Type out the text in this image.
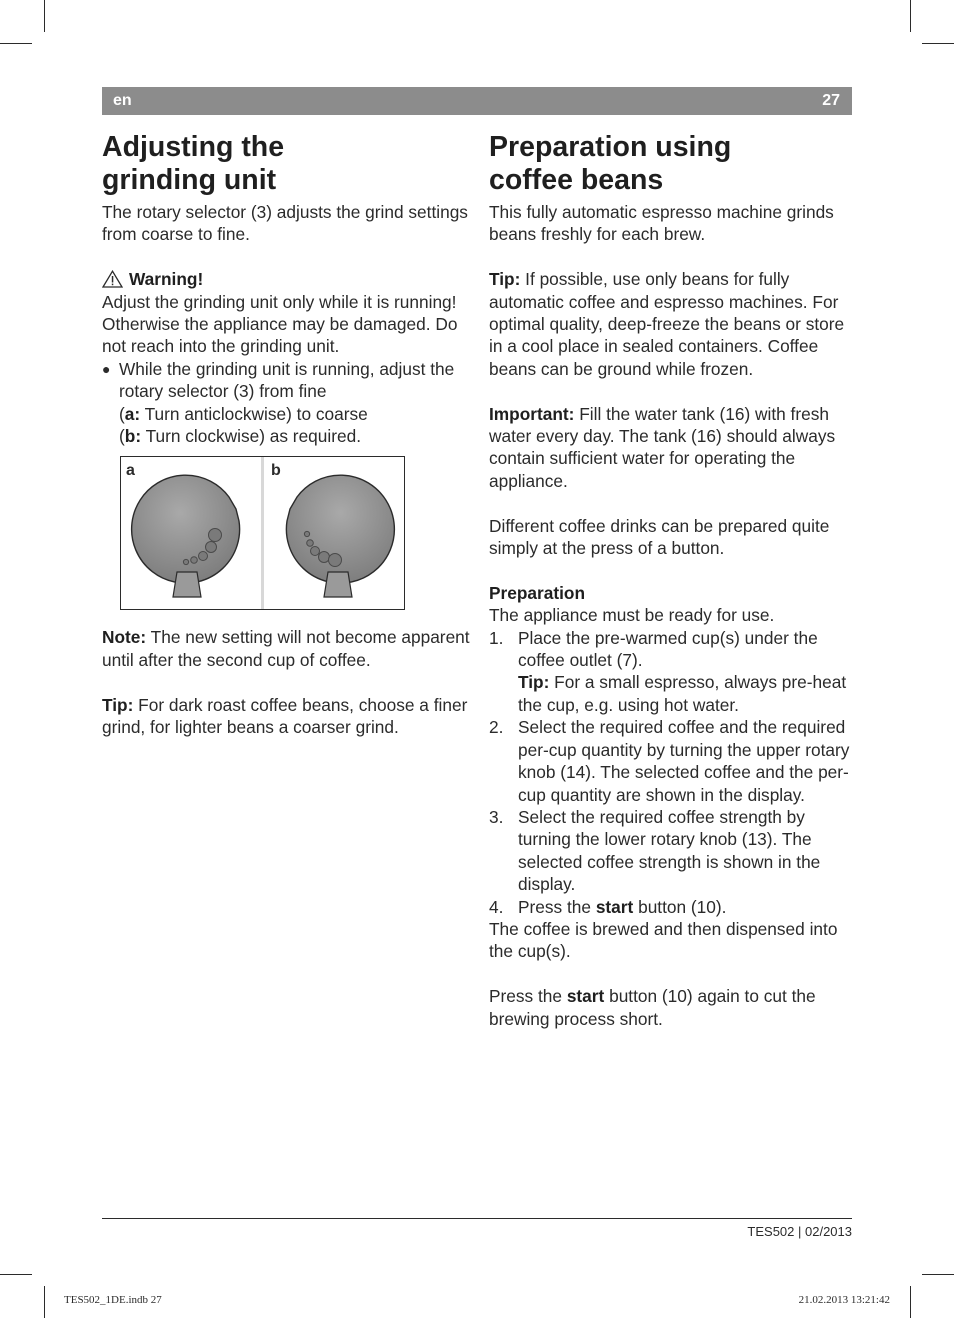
en	27
Adjusting the
grinding unit

The rotary selector (3) adjusts the grind settings from coarse to fine.

Warning!

Adjust the grinding unit only while it is running! Otherwise the appliance may be damaged. Do not reach into the grinding unit.

● While the grinding unit is running, adjust the rotary selector (3) from fine
(a: Turn anticlockwise) to coarse
(b: Turn clockwise) as required.
a	b

Note: The new setting will not become apparent until after the second cup of coffee.

Tip: For dark roast coffee beans, choose a finer grind, for lighter beans a coarser grind.

Preparation using
coffee beans

This fully automatic espresso machine grinds beans freshly for each brew.

Tip: If possible, use only beans for fully automatic coffee and espresso machines. For optimal quality, deep-freeze the beans or store in a cool place in sealed containers. Coffee beans can be ground while frozen.

Important: Fill the water tank (16) with fresh water every day. The tank (16) should always contain sufficient water for operating the appliance.

Different coffee drinks can be prepared quite simply at the press of a button.

Preparation

The appliance must be ready for use.

1. Place the pre-warmed cup(s) under the coffee outlet (7).
Tip: For a small espresso, always pre-heat the cup, e.g. using hot water.
2. Select the required coffee and the required per-cup quantity by turning the upper rotary knob (14). The selected coffee and the per-cup quantity are shown in the display.
3. Select the required coffee strength by turning the lower rotary knob (13). The selected coffee strength is shown in the display.
4. Press the start button (10).

The coffee is brewed and then dispensed into the cup(s).

Press the start button (10) again to cut the brewing process short.

TES502 | 02/2013
TES502_1DE.indb 27	21.02.2013 13:21:42
